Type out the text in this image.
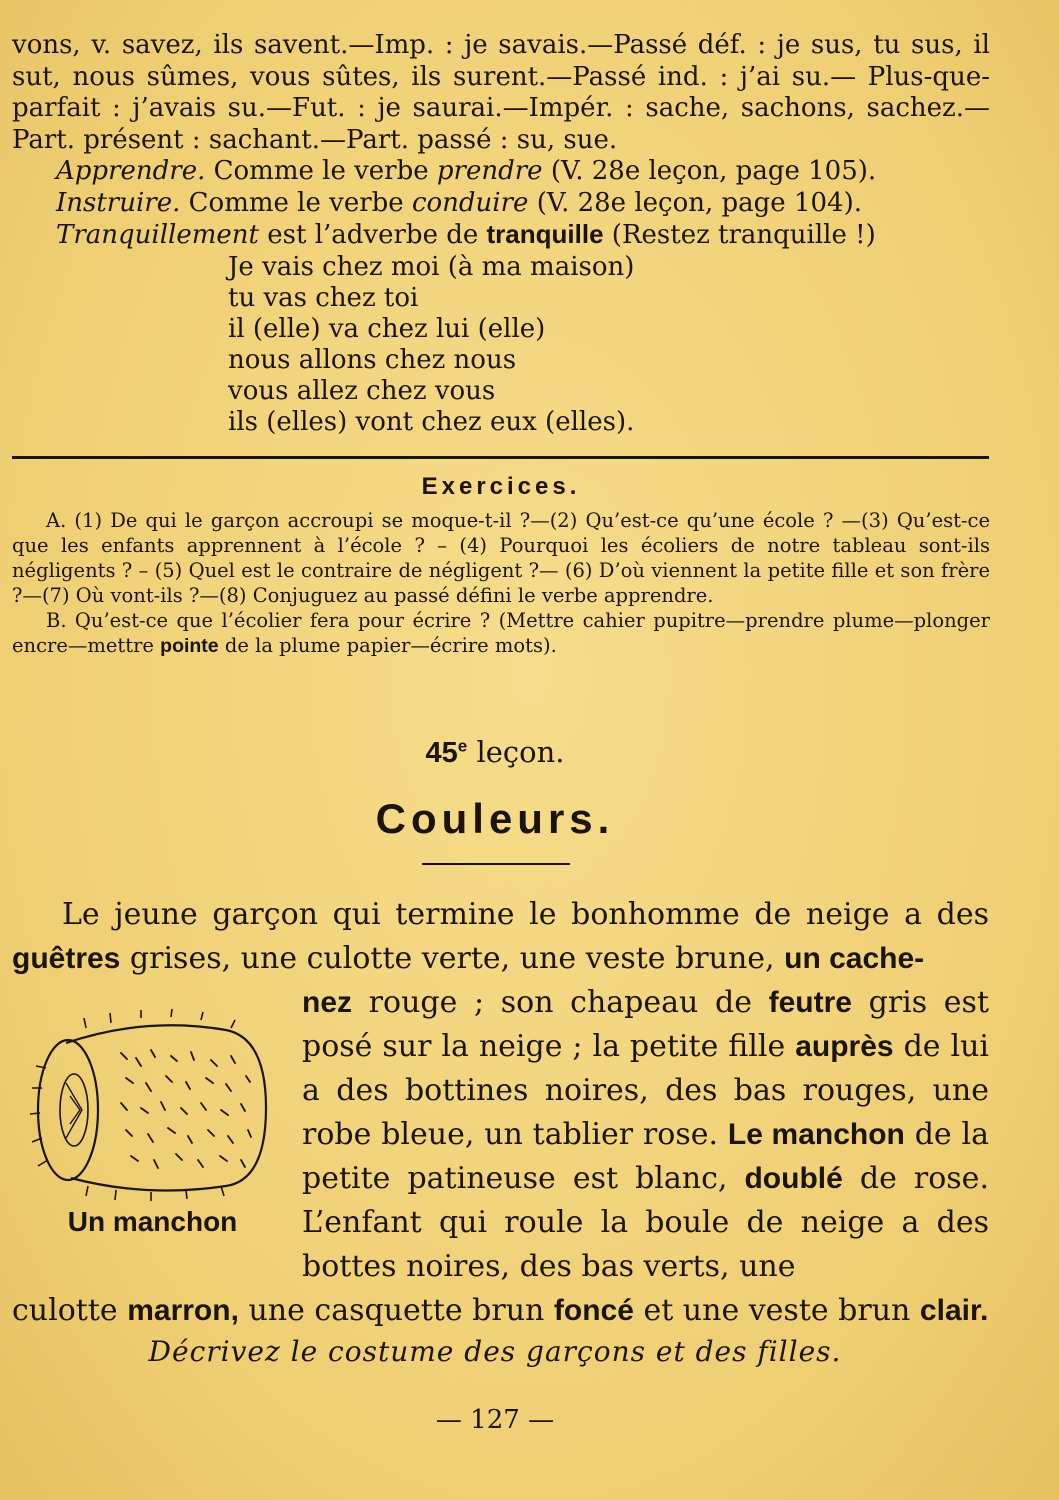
vons, v. savez, ils savent.—Imp. : je savais.—Passé déf. : je sus, tu sus, il sut, nous sûmes, vous sûtes, ils surent.—Passé ind. : j’ai su.— Plus-que-parfait : j’avais su.—Fut. : je saurai.—Impér. : sache, sachons, sachez.—Part. présent : sachant.—Part. passé : su, sue.

Apprendre. Comme le verbe prendre (V. 28e leçon, page 105).

Instruire. Comme le verbe conduire (V. 28e leçon, page 104).

Tranquillement est l’adverbe de tranquille (Restez tranquille !)

Je vais chez moi (à ma maison)
tu vas chez toi
il (elle) va chez lui (elle)
nous allons chez nous
vous allez chez vous
ils (elles) vont chez eux (elles).
Exercices.

A. (1) De qui le garçon accroupi se moque-t-il ?—(2) Qu’est-ce qu’une école ? —(3) Qu’est-ce que les enfants apprennent à l’école ? – (4) Pourquoi les écoliers de notre tableau sont-ils négligents ? – (5) Quel est le contraire de négligent ?— (6) D’où viennent la petite fille et son frère ?—(7) Où vont-ils ?—(8) Conjuguez au passé défini le verbe apprendre.

B. Qu’est-ce que l’écolier fera pour écrire ? (Mettre cahier pupitre—prendre plume—plonger encre—mettre pointe de la plume papier—écrire mots).

45e leçon.
Couleurs.

Le jeune garçon qui termine le bonhomme de neige a des guêtres grises, une culotte verte, une veste brune, un cache-

nez rouge ; son chapeau de feutre gris est posé sur la neige ; la petite fille auprès de lui a des bottines noires, des bas rouges, une robe bleue, un tablier rose. Le manchon de la petite patineuse est blanc, doublé de rose. L’enfant qui roule la boule de neige a des bottes noires, des bas verts, une

culotte marron, une casquette brun foncé et une veste brun clair.

Un manchon
Décrivez le costume des garçons et des filles.
— 127 —
